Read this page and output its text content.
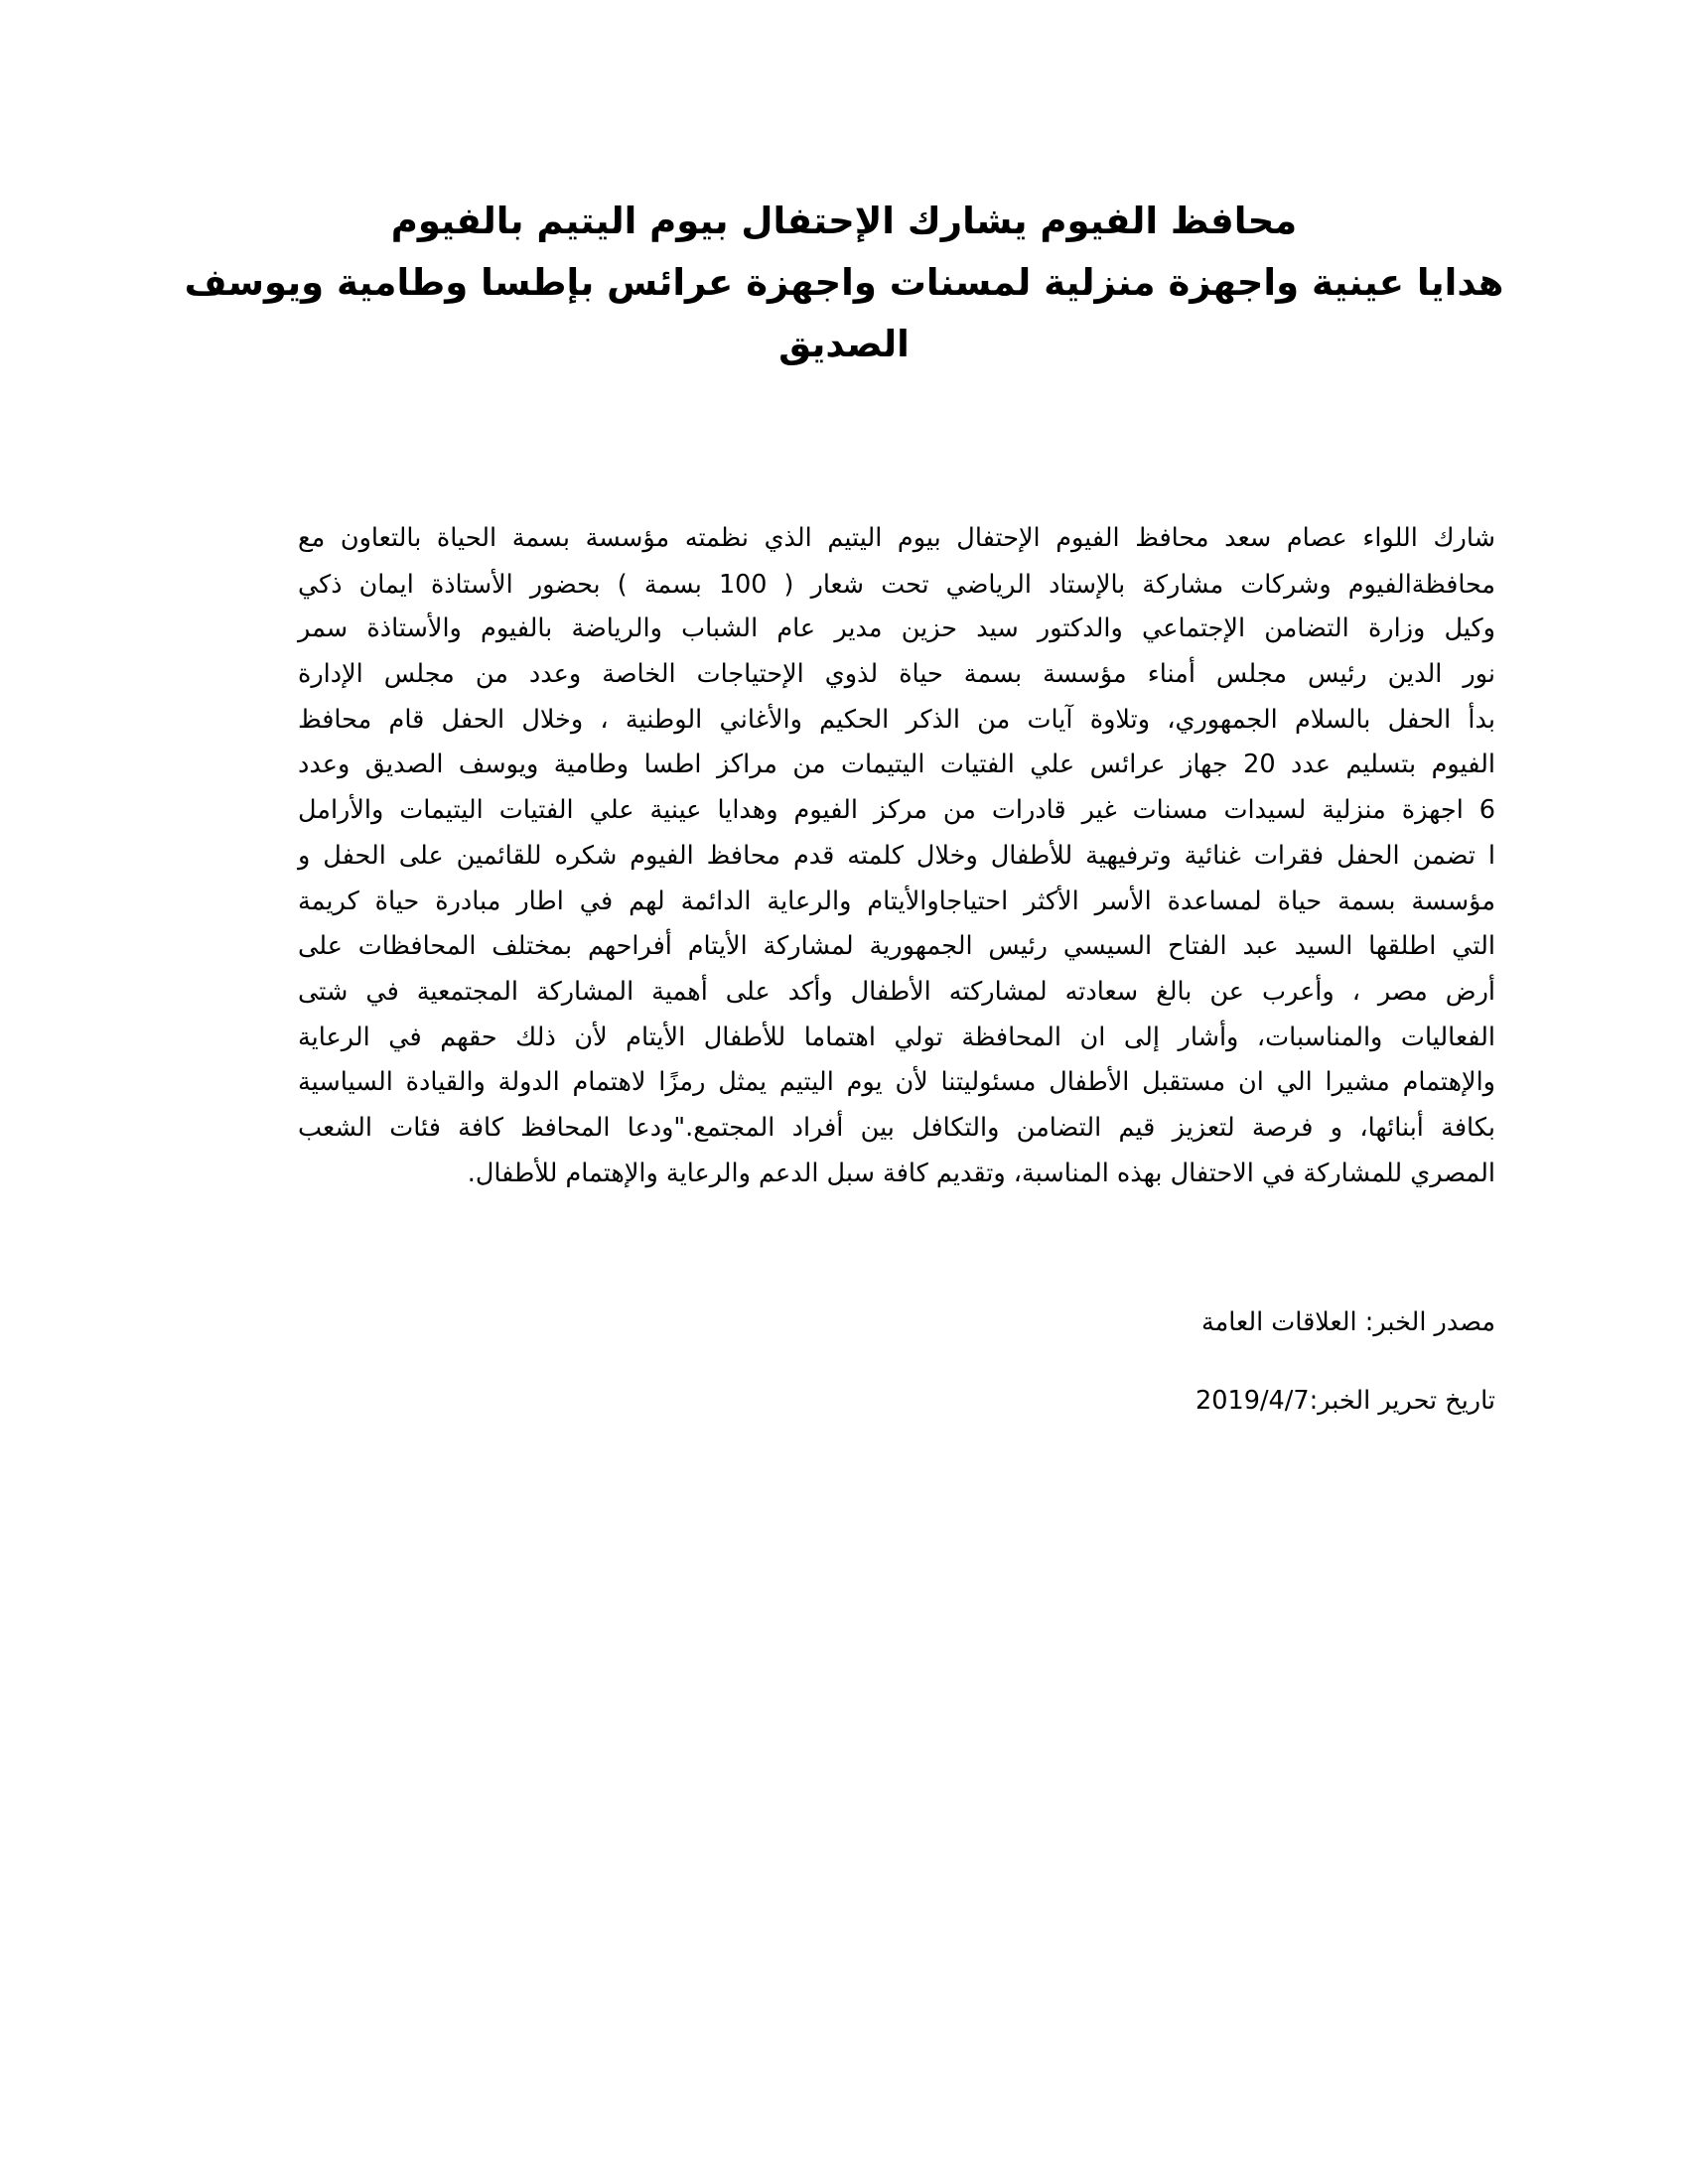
محافظ الفيوم يشارك الإحتفال بيوم اليتيم بالفيوم
هدايا عينية واجهزة منزلية لمسنات واجهزة عرائس بإطسا وطامية ويوسف
الصديق
شارك اللواء عصام سعد محافظ الفيوم الإحتفال بيوم اليتيم الذي نظمته مؤسسة بسمة الحياة بالتعاون مع
محافظةالفيوم وشركات مشاركة بالإستاد الرياضي تحت شعار ( 100 بسمة ) بحضور الأستاذة ايمان ذكي
وكيل وزارة التضامن الإجتماعي والدكتور سيد حزين مدير عام الشباب والرياضة بالفيوم والأستاذة سمر
نور الدين رئيس مجلس أمناء مؤسسة بسمة حياة لذوي الإحتياجات الخاصة وعدد من مجلس الإدارة
بدأ الحفل بالسلام الجمهوري، وتلاوة آيات من الذكر الحكيم والأغاني الوطنية ، وخلال الحفل قام محافظ
الفيوم بتسليم عدد 20 جهاز عرائس علي الفتيات اليتيمات من مراكز اطسا وطامية ويوسف الصديق وعدد
6 اجهزة منزلية لسيدات مسنات غير قادرات من مركز الفيوم وهدايا عينية علي الفتيات اليتيمات والأرامل
ا تضمن الحفل فقرات غنائية وترفيهية للأطفال وخلال كلمته قدم محافظ الفيوم شكره للقائمين على الحفل و
مؤسسة بسمة حياة لمساعدة الأسر الأكثر احتياجاوالأيتام والرعاية الدائمة لهم في اطار مبادرة حياة كريمة
التي اطلقها السيد عبد الفتاح السيسي رئيس الجمهورية لمشاركة الأيتام أفراحهم بمختلف المحافظات على
أرض مصر ، وأعرب عن بالغ سعادته لمشاركته الأطفال وأكد على أهمية المشاركة المجتمعية في شتى
الفعاليات والمناسبات، وأشار إلى ان المحافظة تولي اهتماما للأطفال الأيتام لأن ذلك حقهم في الرعاية
والإهتمام مشيرا الي ان مستقبل الأطفال مسئوليتنا لأن يوم اليتيم يمثل رمزًا لاهتمام الدولة والقيادة السياسية
بكافة أبنائها، و فرصة لتعزيز قيم التضامن والتكافل بين أفراد المجتمع."ودعا المحافظ كافة فئات الشعب
المصري للمشاركة في الاحتفال بهذه المناسبة، وتقديم كافة سبل الدعم والرعاية والإهتمام للأطفال.
مصدر الخبر: العلاقات العامة
تاريخ تحرير الخبر:2019/4/7
